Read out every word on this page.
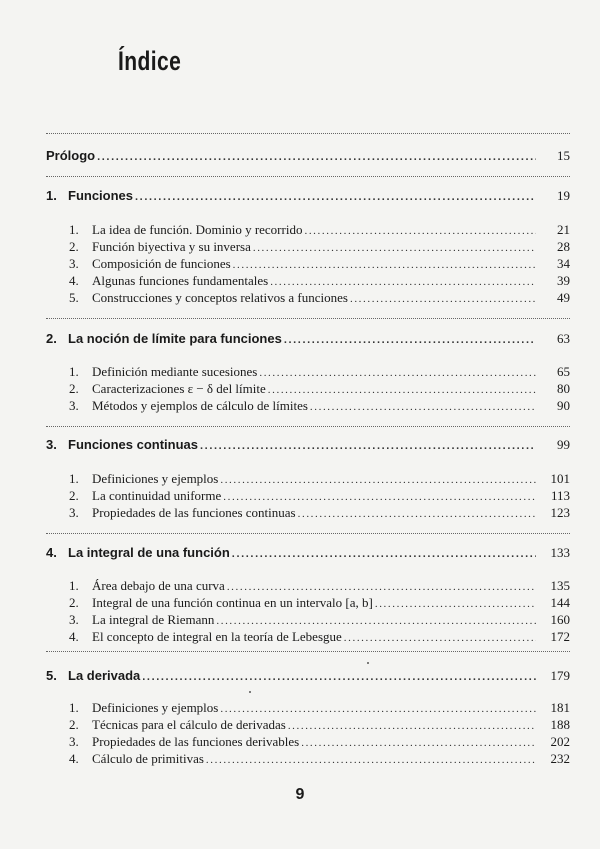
Índice
Prólogo .....	15
1. Funciones .....	19
1.	La idea de función. Dominio y recorrido .....	21
2.	Función biyectiva y su inversa .....	28
3.	Composición de funciones .....	34
4.	Algunas funciones fundamentales .....	39
5.	Construcciones y conceptos relativos a funciones .....	49
2. La noción de límite para funciones .....	63
1.	Definición mediante sucesiones .....	65
2.	Caracterizaciones ε − δ del límite .....	80
3.	Métodos y ejemplos de cálculo de límites .....	90
3. Funciones continuas .....	99
1.	Definiciones y ejemplos .....	101
2.	La continuidad uniforme .....	113
3.	Propiedades de las funciones continuas .....	123
4. La integral de una función .....	133
1.	Área debajo de una curva .....	135
2.	Integral de una función continua en un intervalo [a, b] .....	144
3.	La integral de Riemann .....	160
4.	El concepto de integral en la teoría de Lebesgue .....	172
5. La derivada .....	179
1.	Definiciones y ejemplos .....	181
2.	Técnicas para el cálculo de derivadas .....	188
3.	Propiedades de las funciones derivables .....	202
4.	Cálculo de primitivas .....	232
9
